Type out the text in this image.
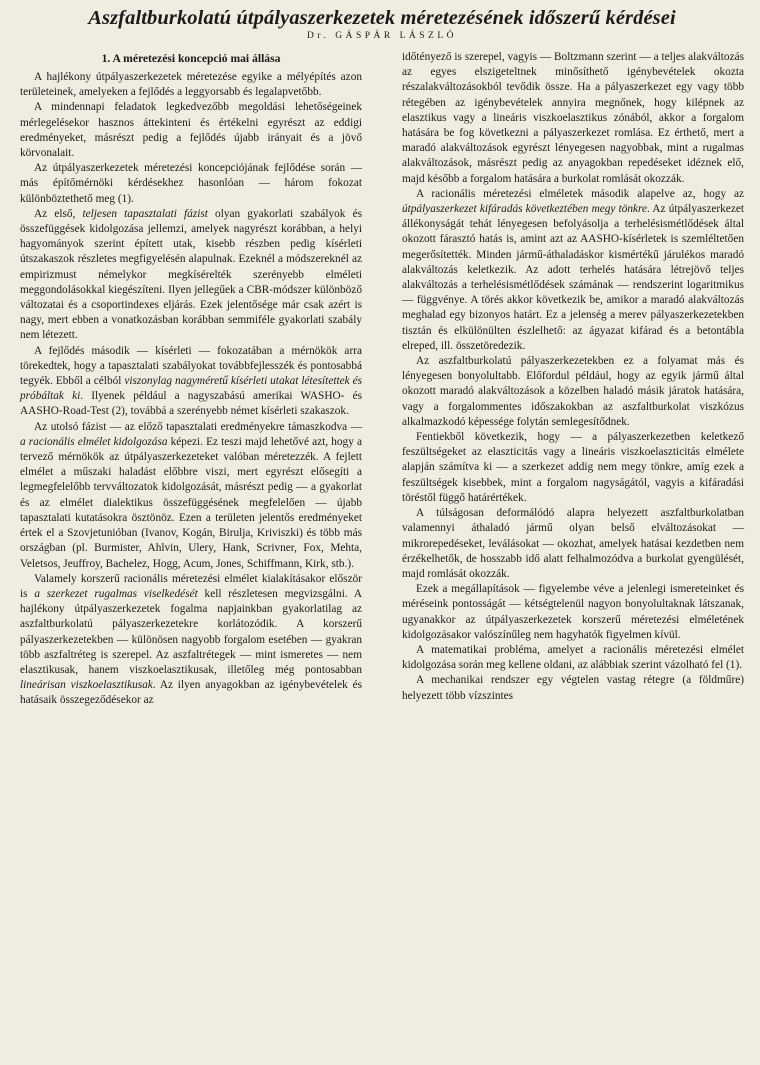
Aszfaltburkolatú útpályaszerkezetek méretezésének időszerű kérdései
Dr. GÁSPÁR LÁSZLÓ
1. A méretezési koncepció mai állása

A hajlékony útpályaszerkezetek méretezése egyike a mélyépítés azon területeinek, amelyeken a fejlődés a leggyorsabb és legalapvetőbb.

A mindennapi feladatok legkedvezőbb megoldási lehetőségeinek mérlegelésekor hasznos áttekinteni és értékelni egyrészt az eddigi eredményeket, másrészt pedig a fejlődés újabb irányait és a jövő körvonalait.

Az útpályaszerkezetek méretezési koncepciójának fejlődése során — más építőmérnöki kérdésekhez hasonlóan — három fokozat különböztethető meg (1).

Az első, teljesen tapasztalati fázist olyan gyakorlati szabályok és összefüggések kidolgozása jellemzi, amelyek nagyrészt korábban, a helyi hagyományok szerint épített utak, kisebb részben pedig kísérleti útszakaszok részletes megfigyelésén alapulnak. Ezeknél a módszereknél az empirizmust némelykor megkísérelték szerényebb elméleti meggondolásokkal kiegészíteni. Ilyen jellegűek a CBR-módszer különböző változatai és a csoportindexes eljárás. Ezek jelentősége már csak azért is nagy, mert ebben a vonatkozásban korábban semmiféle gyakorlati szabály nem létezett.

A fejlődés második — kísérleti — fokozatában a mérnökök arra törekedtek, hogy a tapasztalati szabályokat továbbfejlesszék és pontosabbá tegyék. Ebből a célból viszonylag nagyméretű kísérleti utakat létesítettek és próbáltak ki. Ilyenek például a nagyszabású amerikai WASHO- és AASHO-Road-Test (2), továbbá a szerényebb német kísérleti szakaszok.

Az utolsó fázist — az előző tapasztalati eredményekre támaszkodva — a racionális elmélet kidolgozása képezi. Ez teszi majd lehetővé azt, hogy a tervező mérnökök az útpályaszerkezeteket valóban méretezzék. A fejlett elmélet a műszaki haladást előbbre viszi, mert egyrészt elősegíti a legmegfelelőbb tervváltozatok kidolgozását, másrészt pedig — a gyakorlat és az elmélet dialektikus összefüggésének megfelelően — újabb tapasztalati kutatásokra ösztönöz. Ezen a területen jelentős eredményeket értek el a Szovjetunióban (Ivanov, Kogán, Birulja, Kriviszki) és több más országban (pl. Burmister, Ahlvin, Ulery, Hank, Scrivner, Fox, Mehta, Veletsos, Jeuffroy, Bachelez, Hogg, Acum, Jones, Schiffmann, Kirk, stb.).

Valamely korszerű racionális méretezési elmélet kialakításakor először is a szerkezet rugalmas viselkedését kell részletesen megvizsgálni. A hajlékony útpályaszerkezetek fogalma napjainkban gyakorlatilag az aszfaltburkolatú pályaszerkezetekre korlátozódik. A korszerű pályaszerkezetekben — különösen nagyobb forgalom esetében — gyakran több aszfaltréteg is szerepel. Az aszfaltrétegek — mint ismeretes — nem elasztikusak, hanem viszkoelasztikusak, illetőleg még pontosabban lineárisan viszkoelasztikusak. Az ilyen anyagokban az igénybevételek és hatásaik összegeződésekor az

időtényező is szerepel, vagyis — Boltzmann szerint — a teljes alakváltozás az egyes elszigeteltnek minősíthető igénybevételek okozta részalakváltozásokból tevődik össze. Ha a pályaszerkezet egy vagy több rétegében az igénybevételek annyira megnőnek, hogy kilépnek az elasztikus vagy a lineáris viszkoelasztikus zónából, akkor a forgalom hatására be fog következni a pályaszerkezet romlása. Ez érthető, mert a maradó alakváltozások egyrészt lényegesen nagyobbak, mint a rugalmas alakváltozások, másrészt pedig az anyagokban repedéseket idéznek elő, majd később a forgalom hatására a burkolat romlását okozzák.

A racionális méretezési elméletek második alapelve az, hogy az útpályaszerkezet kifáradás következtében megy tönkre. Az útpályaszerkezet állékonyságát tehát lényegesen befolyásolja a terhelésismétlődések által okozott fárasztó hatás is, amint azt az AASHO-kísérletek is szemléltetően megerősítették. Minden jármű-áthaladáskor kismértékű járulékos maradó alakváltozás keletkezik. Az adott terhelés hatására létrejövő teljes alakváltozás a terhelésismétlődések számának — rendszerint logaritmikus — függvénye. A törés akkor következik be, amikor a maradó alakváltozás meghalad egy bizonyos határt. Ez a jelenség a merev pályaszerkezetekben tisztán és elkülönülten észlelhető: az ágyazat kifárad és a betontábla elreped, ill. összetöredezik.

Az aszfaltburkolatú pályaszerkezetekben ez a folyamat más és lényegesen bonyolultabb. Előfordul például, hogy az egyik jármű által okozott maradó alakváltozások a közelben haladó másik járatok hatására, vagy a forgalommentes időszakokban az aszfaltburkolat viszkózus alkalmazkodó képessége folytán semlegesítődnek.

Fentiekből következik, hogy — a pályaszerkezetben keletkező feszültségeket az elaszticitás vagy a lineáris viszkoelaszticitás elmélete alapján számítva ki — a szerkezet addig nem megy tönkre, amíg ezek a feszültségek kisebbek, mint a forgalom nagyságától, vagyis a kifáradási töréstől függő határértékek.

A túlságosan deformálódó alapra helyezett aszfaltburkolatban valamennyi áthaladó jármű olyan belső elváltozásokat — mikrorepedéseket, leválásokat — okozhat, amelyek hatásai kezdetben nem érzékelhetők, de hosszabb idő alatt felhalmozódva a burkolat gyengülését, majd romlását okozzák.

Ezek a megállapítások — figyelembe véve a jelenlegi ismereteinket és méréseink pontosságát — kétségtelenül nagyon bonyolultaknak látszanak, ugyanakkor az útpályaszerkezetek korszerű méretezési elméletének kidolgozásakor valószínűleg nem hagyhatók figyelmen kívül.

A matematikai probléma, amelyet a racionális méretezési elmélet kidolgozása során meg kellene oldani, az alábbiak szerint vázolható fel (1).

A mechanikai rendszer egy végtelen vastag rétegre (a földműre) helyezett több vízszintes
